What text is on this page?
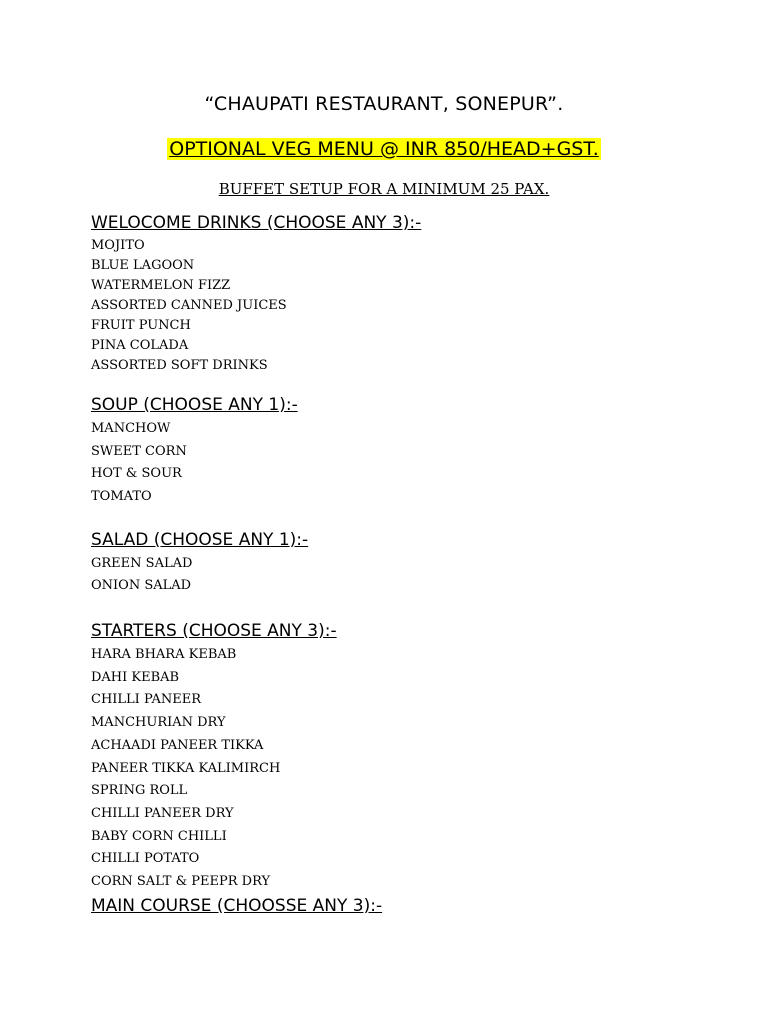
“CHAUPATI RESTAURANT, SONEPUR”.
OPTIONAL VEG MENU @ INR 850/HEAD+GST.
BUFFET SETUP FOR A MINIMUM 25 PAX.
WELOCOME DRINKS (CHOOSE ANY 3):-
MOJITO
BLUE LAGOON
WATERMELON FIZZ
ASSORTED CANNED JUICES
FRUIT PUNCH
PINA COLADA
ASSORTED SOFT DRINKS
SOUP (CHOOSE ANY 1):-
MANCHOW
SWEET CORN
HOT & SOUR
TOMATO
SALAD (CHOOSE ANY 1):-
GREEN SALAD
ONION SALAD
STARTERS (CHOOSE ANY 3):-
HARA BHARA KEBAB
DAHI KEBAB
CHILLI PANEER
MANCHURIAN DRY
ACHAADI PANEER TIKKA
PANEER TIKKA KALIMIRCH
SPRING ROLL
CHILLI PANEER DRY
BABY CORN CHILLI
CHILLI POTATO
CORN SALT & PEEPR DRY
MAIN COURSE (CHOOSSE ANY 3):-
